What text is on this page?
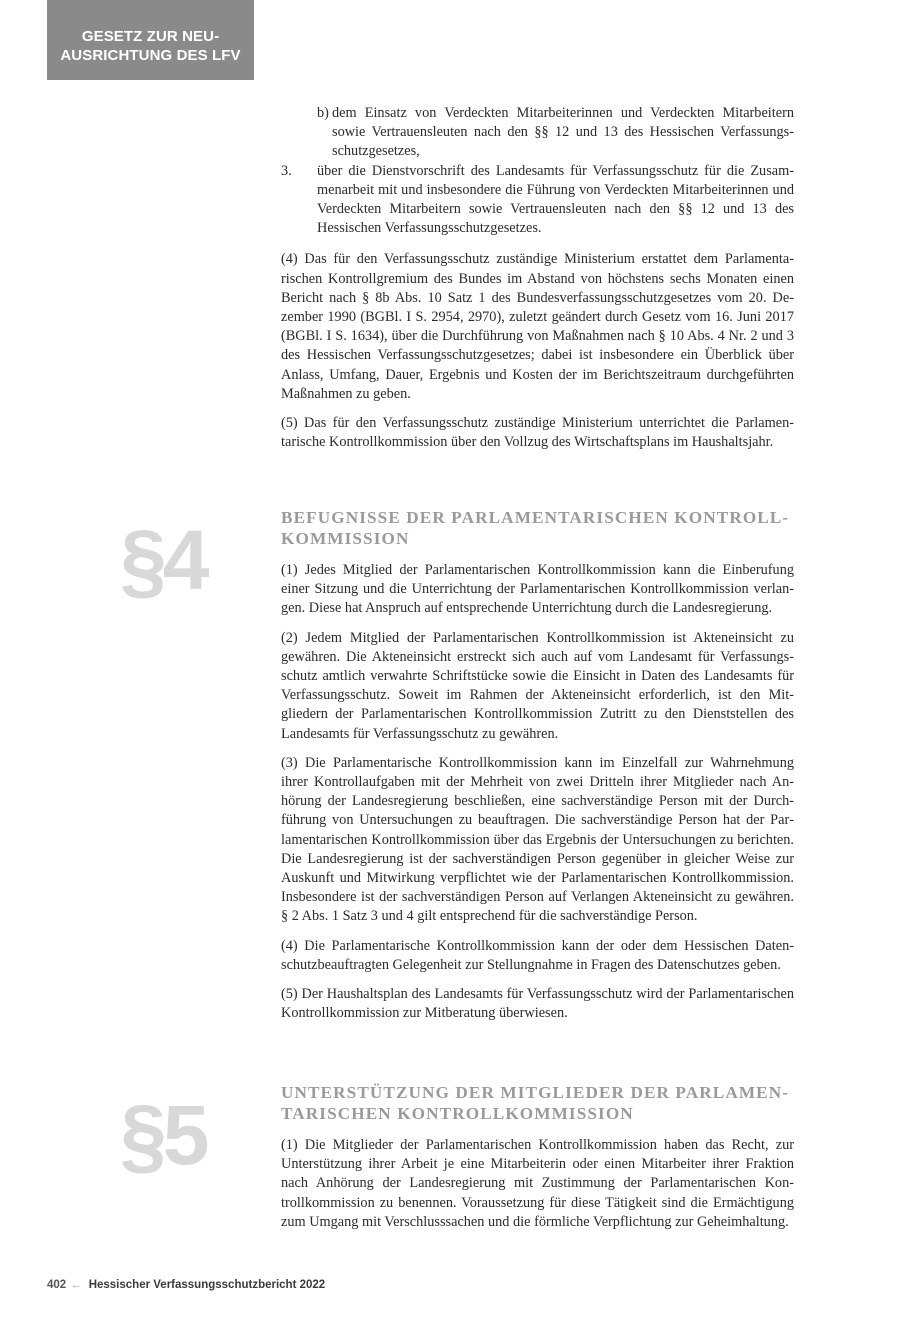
GESETZ ZUR NEU-
AUSRICHTUNG DES LFV

b) dem Einsatz von Verdeckten Mitarbeiterinnen und Verdeckten Mitarbeitern sowie Vertrauensleuten nach den §§ 12 und 13 des Hessischen Verfassungsschutzgesetzes,

3. über die Dienstvorschrift des Landesamts für Verfassungsschutz für die Zusammenarbeit mit und insbesondere die Führung von Verdeckten Mitarbeiterinnen und Verdeckten Mitarbeitern sowie Vertrauensleuten nach den §§ 12 und 13 des Hessischen Verfassungsschutzgesetzes.

(4) Das für den Verfassungsschutz zuständige Ministerium erstattet dem Parlamentarischen Kontrollgremium des Bundes im Abstand von höchstens sechs Monaten einen Bericht nach § 8b Abs. 10 Satz 1 des Bundesverfassungsschutzgesetzes vom 20. Dezember 1990 (BGBl. I S. 2954, 2970), zuletzt geändert durch Gesetz vom 16. Juni 2017 (BGBl. I S. 1634), über die Durchführung von Maßnahmen nach § 10 Abs. 4 Nr. 2 und 3 des Hessischen Verfassungsschutzgesetzes; dabei ist insbesondere ein Überblick über Anlass, Umfang, Dauer, Ergebnis und Kosten der im Berichtszeitraum durchgeführten Maßnahmen zu geben.

(5) Das für den Verfassungsschutz zuständige Ministerium unterrichtet die Parlamentarische Kontrollkommission über den Vollzug des Wirtschaftsplans im Haushaltsjahr.

§4	BEFUGNISSE DER PARLAMENTARISCHEN KONTROLL-
KOMMISSION

(1) Jedes Mitglied der Parlamentarischen Kontrollkommission kann die Einberufung einer Sitzung und die Unterrichtung der Parlamentarischen Kontrollkommission verlangen. Diese hat Anspruch auf entsprechende Unterrichtung durch die Landesregierung.

(2) Jedem Mitglied der Parlamentarischen Kontrollkommission ist Akteneinsicht zu gewähren. Die Akteneinsicht erstreckt sich auch auf vom Landesamt für Verfassungsschutz amtlich verwahrte Schriftstücke sowie die Einsicht in Daten des Landesamts für Verfassungsschutz. Soweit im Rahmen der Akteneinsicht erforderlich, ist den Mitgliedern der Parlamentarischen Kontrollkommission Zutritt zu den Dienststellen des Landesamts für Verfassungsschutz zu gewähren.

(3) Die Parlamentarische Kontrollkommission kann im Einzelfall zur Wahrnehmung ihrer Kontrollaufgaben mit der Mehrheit von zwei Dritteln ihrer Mitglieder nach Anhörung der Landesregierung beschließen, eine sachverständige Person mit der Durchführung von Untersuchungen zu beauftragen. Die sachverständige Person hat der Parlamentarischen Kontrollkommission über das Ergebnis der Untersuchungen zu berichten. Die Landesregierung ist der sachverständigen Person gegenüber in gleicher Weise zur Auskunft und Mitwirkung verpflichtet wie der Parlamentarischen Kontrollkommission. Insbesondere ist der sachverständigen Person auf Verlangen Akteneinsicht zu gewähren. § 2 Abs. 1 Satz 3 und 4 gilt entsprechend für die sachverständige Person.

(4) Die Parlamentarische Kontrollkommission kann der oder dem Hessischen Datenschutzbeauftragten Gelegenheit zur Stellungnahme in Fragen des Datenschutzes geben.

(5) Der Haushaltsplan des Landesamts für Verfassungsschutz wird der Parlamentarischen Kontrollkommission zur Mitberatung überwiesen.

§5	UNTERSTÜTZUNG DER MITGLIEDER DER PARLAMEN-
TARISCHEN KONTROLLKOMMISSION

(1) Die Mitglieder der Parlamentarischen Kontrollkommission haben das Recht, zur Unterstützung ihrer Arbeit je eine Mitarbeiterin oder einen Mitarbeiter ihrer Fraktion nach Anhörung der Landesregierung mit Zustimmung der Parlamentarischen Kontrollkommission zu benennen. Voraussetzung für diese Tätigkeit sind die Ermächtigung zum Umgang mit Verschlusssachen und die förmliche Verpflichtung zur Geheimhaltung.

402 ← Hessischer Verfassungsschutzbericht 2022
